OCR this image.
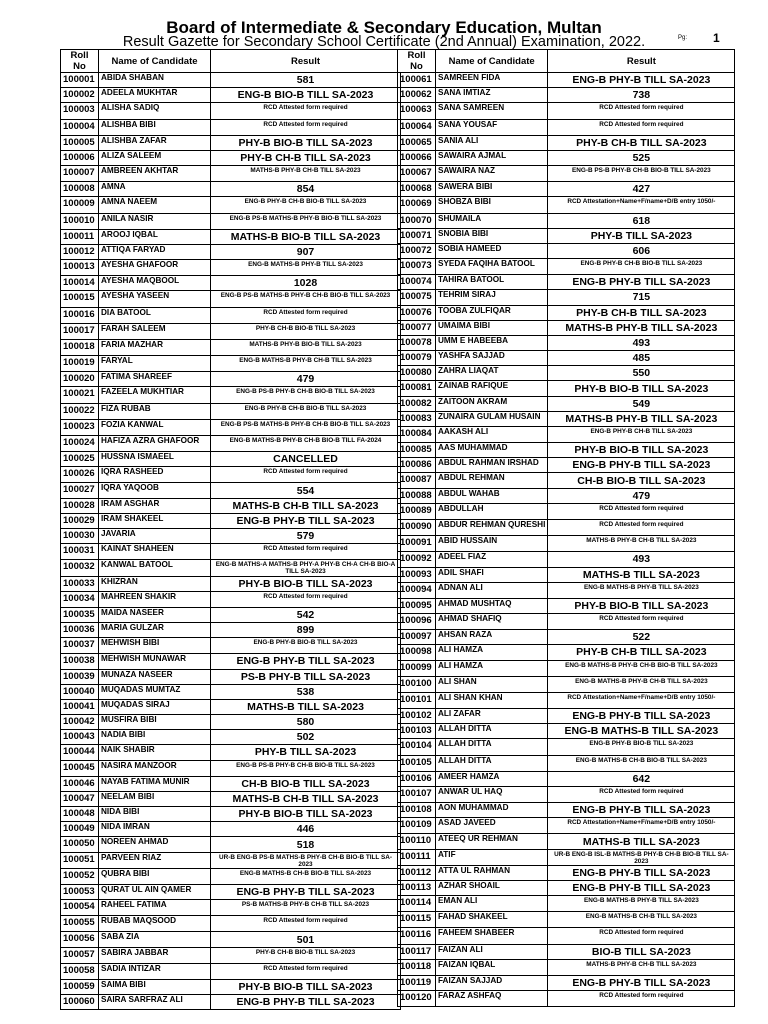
Board of Intermediate & Secondary Education, Multan
Result Gazette for Secondary School Certificate (2nd Annual) Examination, 2022.	Pg: 1
Roll No	Name of Candidate	Result
100001	ABIDA SHABAN	581
100002	ADEELA MUKHTAR	ENG-B BIO-B TILL SA-2023
100003	ALISHA SADIQ	RCD Attested form required
100004	ALISHBA BIBI	RCD Attested form required
100005	ALISHBA ZAFAR	PHY-B BIO-B TILL SA-2023
100006	ALIZA SALEEM	PHY-B CH-B TILL SA-2023
100007	AMBREEN AKHTAR	MATHS-B PHY-B CH-B TILL SA-2023
100008	AMNA	854
100009	AMNA NAEEM	ENG-B PHY-B CH-B BIO-B TILL SA-2023
100010	ANILA NASIR	ENG-B PS-B MATHS-B PHY-B BIO-B TILL SA-2023
100011	AROOJ IQBAL	MATHS-B BIO-B TILL SA-2023
100012	ATTIQA FARYAD	907
100013	AYESHA GHAFOOR	ENG-B MATHS-B PHY-B TILL SA-2023
100014	AYESHA MAQBOOL	1028
100015	AYESHA YASEEN	ENG-B PS-B MATHS-B PHY-B CH-B BIO-B TILL SA-2023
100016	DIA BATOOL	RCD Attested form required
100017	FARAH SALEEM	PHY-B CH-B BIO-B TILL SA-2023
100018	FARIA MAZHAR	MATHS-B PHY-B BIO-B TILL SA-2023
100019	FARYAL	ENG-B MATHS-B PHY-B CH-B TILL SA-2023
100020	FATIMA SHAREEF	479
100021	FAZEELA MUKHTIAR	ENG-B PS-B PHY-B CH-B BIO-B TILL SA-2023
100022	FIZA RUBAB	ENG-B PHY-B CH-B BIO-B TILL SA-2023
100023	FOZIA KANWAL	ENG-B PS-B MATHS-B PHY-B CH-B BIO-B TILL SA-2023
100024	HAFIZA AZRA GHAFOOR	ENG-B MATHS-B PHY-B CH-B BIO-B TILL FA-2024
100025	HUSSNA ISMAEEL	CANCELLED
100026	IQRA RASHEED	RCD Attested form required
100027	IQRA YAQOOB	554
100028	IRAM ASGHAR	MATHS-B CH-B TILL SA-2023
100029	IRAM SHAKEEL	ENG-B PHY-B TILL SA-2023
100030	JAVARIA	579
100031	KAINAT SHAHEEN	RCD Attested form required
100032	KANWAL BATOOL	ENG-B MATHS-A MATHS-B PHY-A PHY-B CH-A CH-B BIO-A TILL SA-2023
100033	KHIZRAN	PHY-B BIO-B TILL SA-2023
100034	MAHREEN SHAKIR	RCD Attested form required
100035	MAIDA NASEER	542
100036	MARIA GULZAR	899
100037	MEHWISH BIBI	ENG-B PHY-B BIO-B TILL SA-2023
100038	MEHWISH MUNAWAR	ENG-B PHY-B TILL SA-2023
100039	MUNAZA NASEER	PS-B PHY-B TILL SA-2023
100040	MUQADAS MUMTAZ	538
100041	MUQADAS SIRAJ	MATHS-B TILL SA-2023
100042	MUSFIRA BIBI	580
100043	NADIA BIBI	502
100044	NAIK SHABIR	PHY-B TILL SA-2023
100045	NASIRA MANZOOR	ENG-B PS-B PHY-B CH-B BIO-B TILL SA-2023
100046	NAYAB FATIMA MUNIR	CH-B BIO-B TILL SA-2023
100047	NEELAM BIBI	MATHS-B CH-B TILL SA-2023
100048	NIDA BIBI	PHY-B BIO-B TILL SA-2023
100049	NIDA IMRAN	446
100050	NOREEN AHMAD	518
100051	PARVEEN RIAZ	UR-B ENG-B PS-B MATHS-B PHY-B CH-B BIO-B TILL SA-2023
100052	QUBRA BIBI	ENG-B MATHS-B CH-B BIO-B TILL SA-2023
100053	QURAT UL AIN QAMER	ENG-B PHY-B TILL SA-2023
100054	RAHEEL FATIMA	PS-B MATHS-B PHY-B CH-B TILL SA-2023
100055	RUBAB MAQSOOD	RCD Attested form required
100056	SABA ZIA	501
100057	SABIRA JABBAR	PHY-B CH-B BIO-B TILL SA-2023
100058	SADIA INTIZAR	RCD Attested form required
100059	SAIMA BIBI	PHY-B BIO-B TILL SA-2023
100060	SAIRA SARFRAZ ALI	ENG-B PHY-B TILL SA-2023
Roll No	Name of Candidate	Result
100061	SAMREEN FIDA	ENG-B PHY-B TILL SA-2023
100062	SANA IMTIAZ	738
100063	SANA SAMREEN	RCD Attested form required
100064	SANA YOUSAF	RCD Attested form required
100065	SANIA ALI	PHY-B CH-B TILL SA-2023
100066	SAWAIRA AJMAL	525
100067	SAWAIRA NAZ	ENG-B PS-B PHY-B CH-B BIO-B TILL SA-2023
100068	SAWERA BIBI	427
100069	SHOBZA BIBI	RCD Attestation+Name+F/name+D/B entry 1050/-
100070	SHUMAILA	618
100071	SNOBIA BIBI	PHY-B TILL SA-2023
100072	SOBIA HAMEED	606
100073	SYEDA FAQIHA BATOOL	ENG-B PHY-B CH-B BIO-B TILL SA-2023
100074	TAHIRA BATOOL	ENG-B PHY-B TILL SA-2023
100075	TEHRIM SIRAJ	715
100076	TOOBA ZULFIQAR	PHY-B CH-B TILL SA-2023
100077	UMAIMA BIBI	MATHS-B PHY-B TILL SA-2023
100078	UMM E HABEEBA	493
100079	YASHFA SAJJAD	485
100080	ZAHRA LIAQAT	550
100081	ZAINAB RAFIQUE	PHY-B BIO-B TILL SA-2023
100082	ZAITOON AKRAM	549
100083	ZUNAIRA GULAM HUSAIN	MATHS-B PHY-B TILL SA-2023
100084	AAKASH ALI	ENG-B PHY-B CH-B TILL SA-2023
100085	AAS MUHAMMAD	PHY-B BIO-B TILL SA-2023
100086	ABDUL RAHMAN IRSHAD	ENG-B PHY-B TILL SA-2023
100087	ABDUL REHMAN	CH-B BIO-B TILL SA-2023
100088	ABDUL WAHAB	479
100089	ABDULLAH	RCD Attested form required
100090	ABDUR REHMAN QURESHI	RCD Attested form required
100091	ABID HUSSAIN	MATHS-B PHY-B CH-B TILL SA-2023
100092	ADEEL FIAZ	493
100093	ADIL SHAFI	MATHS-B TILL SA-2023
100094	ADNAN ALI	ENG-B MATHS-B PHY-B TILL SA-2023
100095	AHMAD MUSHTAQ	PHY-B BIO-B TILL SA-2023
100096	AHMAD SHAFIQ	RCD Attested form required
100097	AHSAN RAZA	522
100098	ALI HAMZA	PHY-B CH-B TILL SA-2023
100099	ALI HAMZA	ENG-B MATHS-B PHY-B CH-B BIO-B TILL SA-2023
100100	ALI SHAN	ENG-B MATHS-B PHY-B CH-B TILL SA-2023
100101	ALI SHAN KHAN	RCD Attestation+Name+F/name+D/B entry 1050/-
100102	ALI ZAFAR	ENG-B PHY-B TILL SA-2023
100103	ALLAH DITTA	ENG-B MATHS-B TILL SA-2023
100104	ALLAH DITTA	ENG-B PHY-B BIO-B TILL SA-2023
100105	ALLAH DITTA	ENG-B MATHS-B CH-B BIO-B TILL SA-2023
100106	AMEER HAMZA	642
100107	ANWAR UL HAQ	RCD Attested form required
100108	AON MUHAMMAD	ENG-B PHY-B TILL SA-2023
100109	ASAD JAVEED	RCD Attestation+Name+F/name+D/B entry 1050/-
100110	ATEEQ UR REHMAN	MATHS-B TILL SA-2023
100111	ATIF	UR-B ENG-B ISL-B MATHS-B PHY-B CH-B BIO-B TILL SA-2023
100112	ATTA UL RAHMAN	ENG-B PHY-B TILL SA-2023
100113	AZHAR SHOAIL	ENG-B PHY-B TILL SA-2023
100114	EMAN ALI	ENG-B MATHS-B PHY-B TILL SA-2023
100115	FAHAD SHAKEEL	ENG-B MATHS-B CH-B TILL SA-2023
100116	FAHEEM SHABEER	RCD Attested form required
100117	FAIZAN ALI	BIO-B TILL SA-2023
100118	FAIZAN IQBAL	MATHS-B PHY-B CH-B TILL SA-2023
100119	FAIZAN SAJJAD	ENG-B PHY-B TILL SA-2023
100120	FARAZ ASHFAQ	RCD Attested form required
